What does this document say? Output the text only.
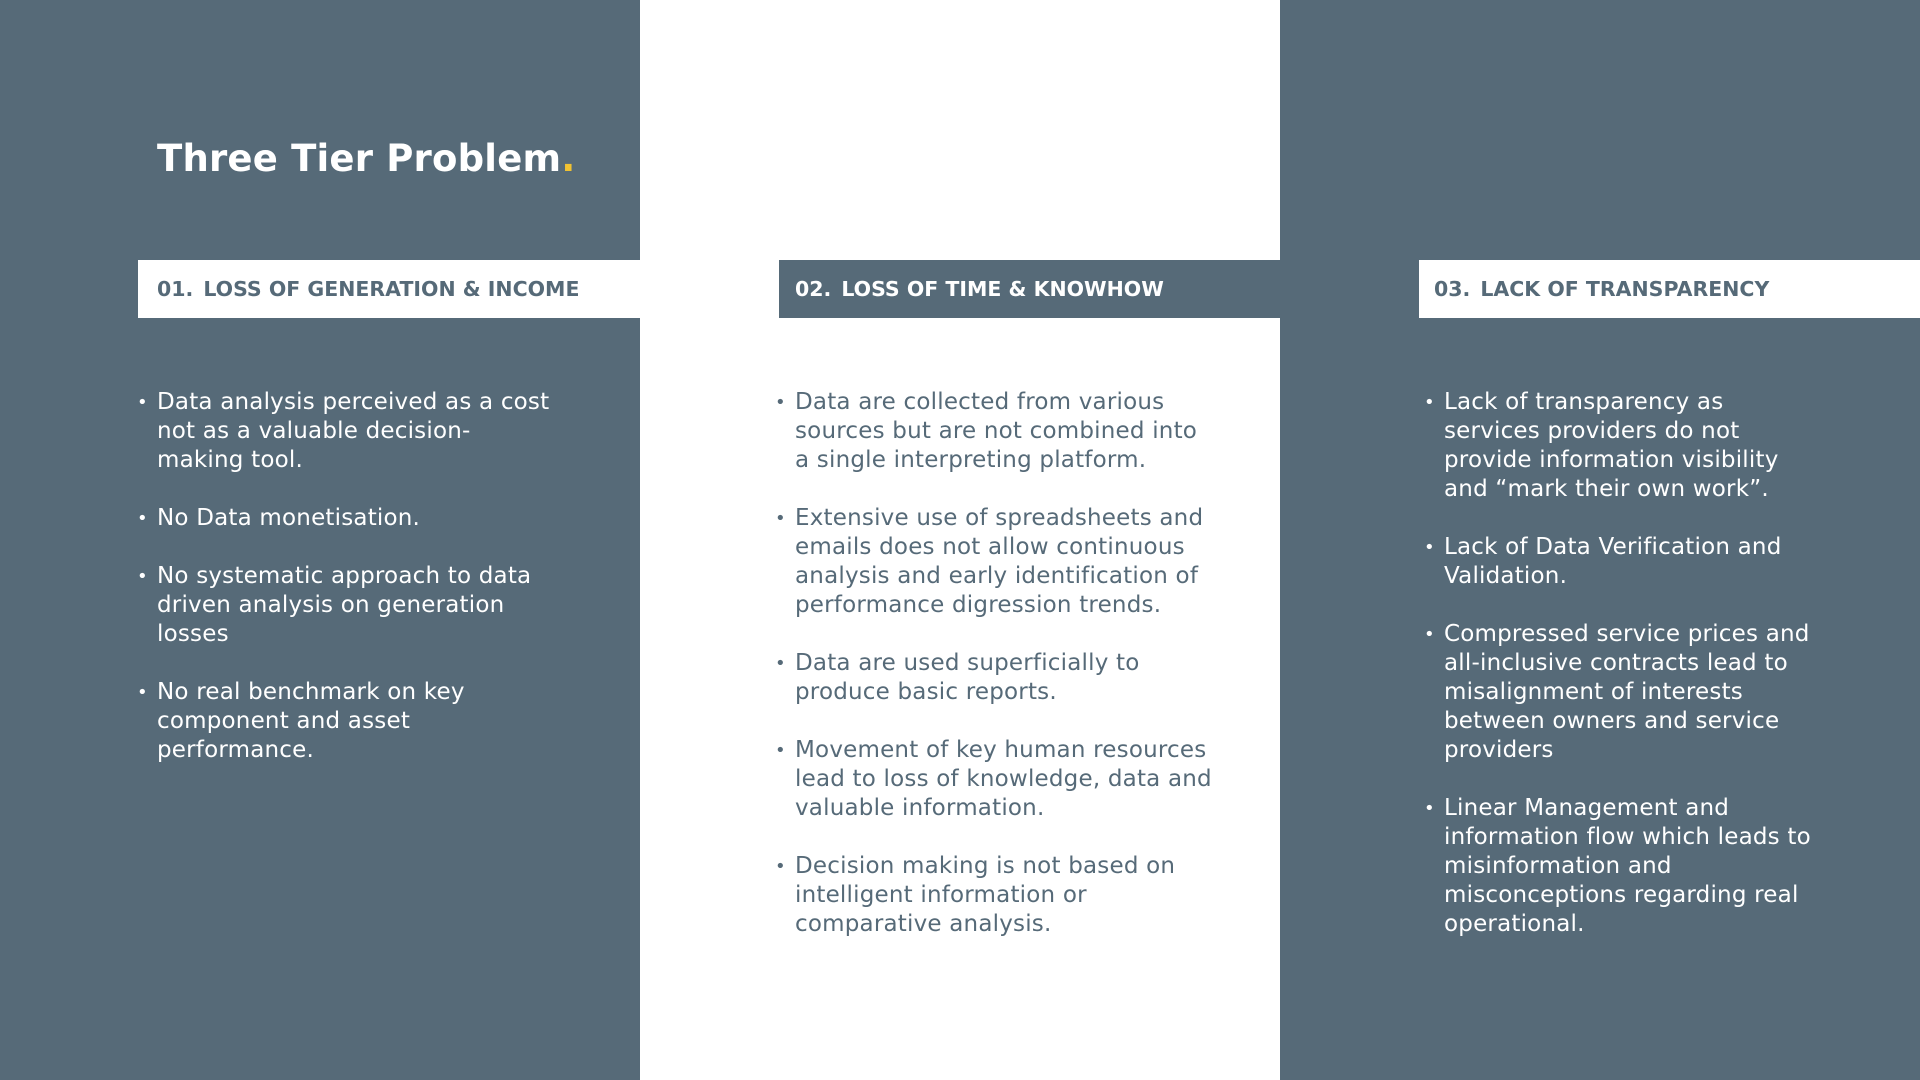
Three Tier Problem.
01. LOSS OF GENERATION & INCOME
• Data analysis perceived as a cost not as a valuable decision-making tool.
• No Data monetisation.
• No systematic approach to data driven analysis on generation losses
• No real benchmark on key component and asset performance.
02. LOSS OF TIME & KNOWHOW
• Data are collected from various sources but are not combined into a single interpreting platform.
• Extensive use of spreadsheets and emails does not allow continuous analysis and early identification of performance digression trends.
• Data are used superficially to produce basic reports.
• Movement of key human resources lead to loss of knowledge, data and valuable information.
• Decision making is not based on intelligent information or comparative analysis.
03. LACK OF TRANSPARENCY
• Lack of transparency as services providers do not provide information visibility and “mark their own work”.
• Lack of Data Verification and Validation.
• Compressed service prices and all-inclusive contracts lead to misalignment of interests between owners and service providers
• Linear Management and information flow which leads to misinformation and misconceptions regarding real operational.
